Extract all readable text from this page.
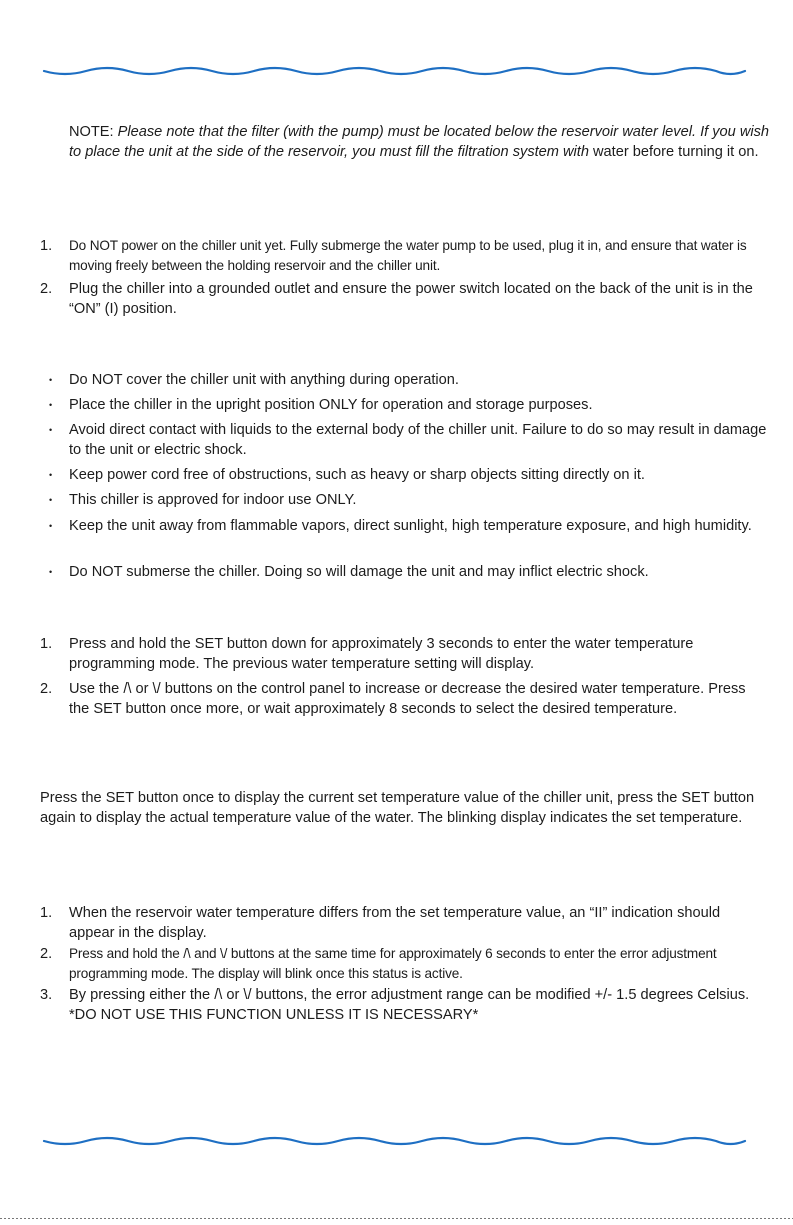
NOTE: Please note that the filter (with the pump) must be located below the reservoir water level. If you wish to place the unit at the side of the reservoir, you must fill the filtration system with water before turning it on.
1. Do NOT power on the chiller unit yet. Fully submerge the water pump to be used, plug it in, and ensure that water is moving freely between the holding reservoir and the chiller unit.
2. Plug the chiller into a grounded outlet and ensure the power switch located on the back of the unit is in the “ON” (I) position.
• Do NOT cover the chiller unit with anything during operation.
• Place the chiller in the upright position ONLY for operation and storage purposes.
• Avoid direct contact with liquids to the external body of the chiller unit. Failure to do so may result in damage to the unit or electric shock.
• Keep power cord free of obstructions, such as heavy or sharp objects sitting directly on it.
• This chiller is approved for indoor use ONLY.
• Keep the unit away from flammable vapors, direct sunlight, high temperature exposure, and high humidity.
• Do NOT submerse the chiller. Doing so will damage the unit and may inflict electric shock.
1. Press and hold the SET button down for approximately 3 seconds to enter the water temperature programming mode. The previous water temperature setting will display.
2. Use the /\ or \/ buttons on the control panel to increase or decrease the desired water temperature. Press the SET button once more, or wait approximately 8 seconds to select the desired temperature.
Press the SET button once to display the current set temperature value of the chiller unit, press the SET button again to display the actual temperature value of the water. The blinking display indicates the set temperature.
1. When the reservoir water temperature differs from the set temperature value, an “II” indication should appear in the display.
2. Press and hold the /\ and \/ buttons at the same time for approximately 6 seconds to enter the error adjustment programming mode. The display will blink once this status is active.
3. By pressing either the /\ or \/ buttons, the error adjustment range can be modified +/- 1.5 degrees Celsius. *DO NOT USE THIS FUNCTION UNLESS IT IS NECESSARY*
